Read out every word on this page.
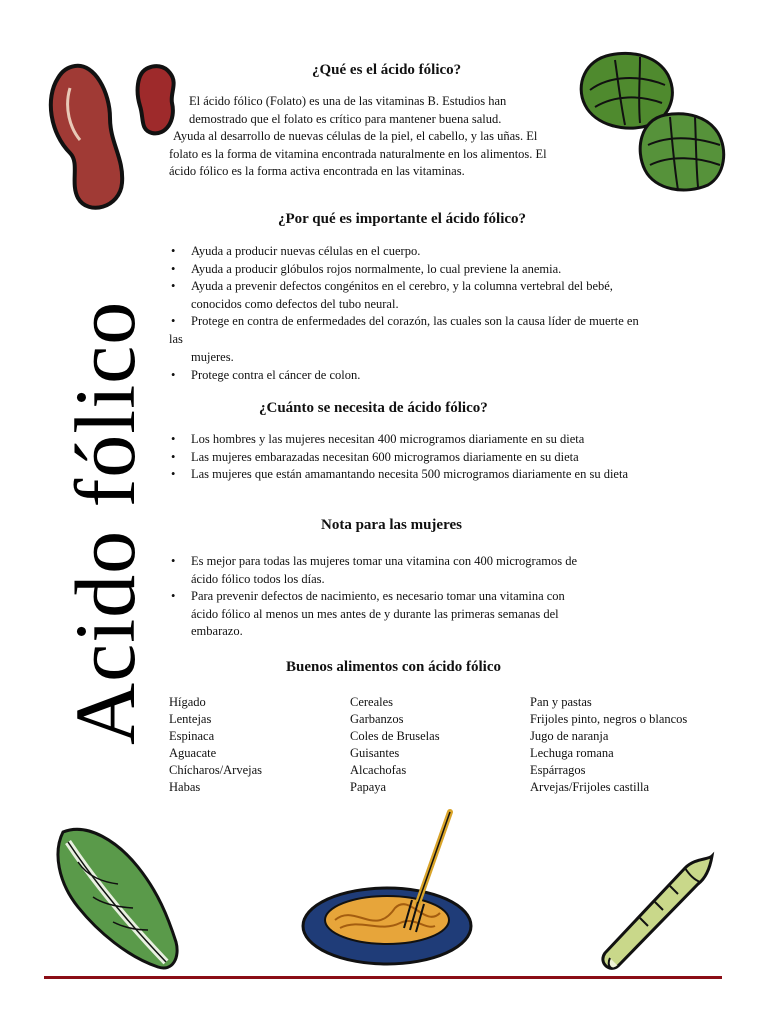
Acido fólico
¿Qué es el ácido fólico?
El ácido fólico (Folato) es una de las vitaminas B. Estudios han
demostrado que el folato es crítico para mantener buena salud.
Ayuda al desarrollo de nuevas células de la piel, el cabello, y las uñas. El
folato es la forma de vitamina encontrada naturalmente en los alimentos. El
ácido fólico es la forma activa encontrada en las vitaminas.
¿Por qué es importante el ácido fólico?
• Ayuda a producir nuevas células en el cuerpo.
• Ayuda a producir glóbulos rojos normalmente, lo cual previene la anemia.
• Ayuda a prevenir defectos congénitos en el cerebro, y la columna vertebral del bebé,
conocidos como defectos del tubo neural.
• Protege en contra de enfermedades del corazón, las cuales son la causa líder de muerte en
las
mujeres.
• Protege contra el cáncer de colon.
¿Cuánto se necesita de ácido fólico?
• Los hombres y las mujeres necesitan 400 microgramos diariamente en su dieta
• Las mujeres embarazadas necesitan 600 microgramos diariamente en su dieta
• Las mujeres que están amamantando necesita 500 microgramos diariamente en su dieta
Nota para las mujeres
• Es mejor para todas las mujeres tomar una vitamina con 400 microgramos de
ácido fólico todos los días.
• Para prevenir defectos de nacimiento, es necesario tomar una vitamina con
ácido fólico al menos un mes antes de y durante las primeras semanas del
embarazo.
Buenos alimentos con ácido fólico
Hígado
Lentejas
Espinaca
Aguacate
Chícharos/Arvejas
Habas
Cereales
Garbanzos
Coles de Bruselas
Guisantes
Alcachofas
Papaya
Pan y pastas
Frijoles pinto, negros o blancos
Jugo de naranja
Lechuga romana
Espárragos
Arvejas/Frijoles castilla
